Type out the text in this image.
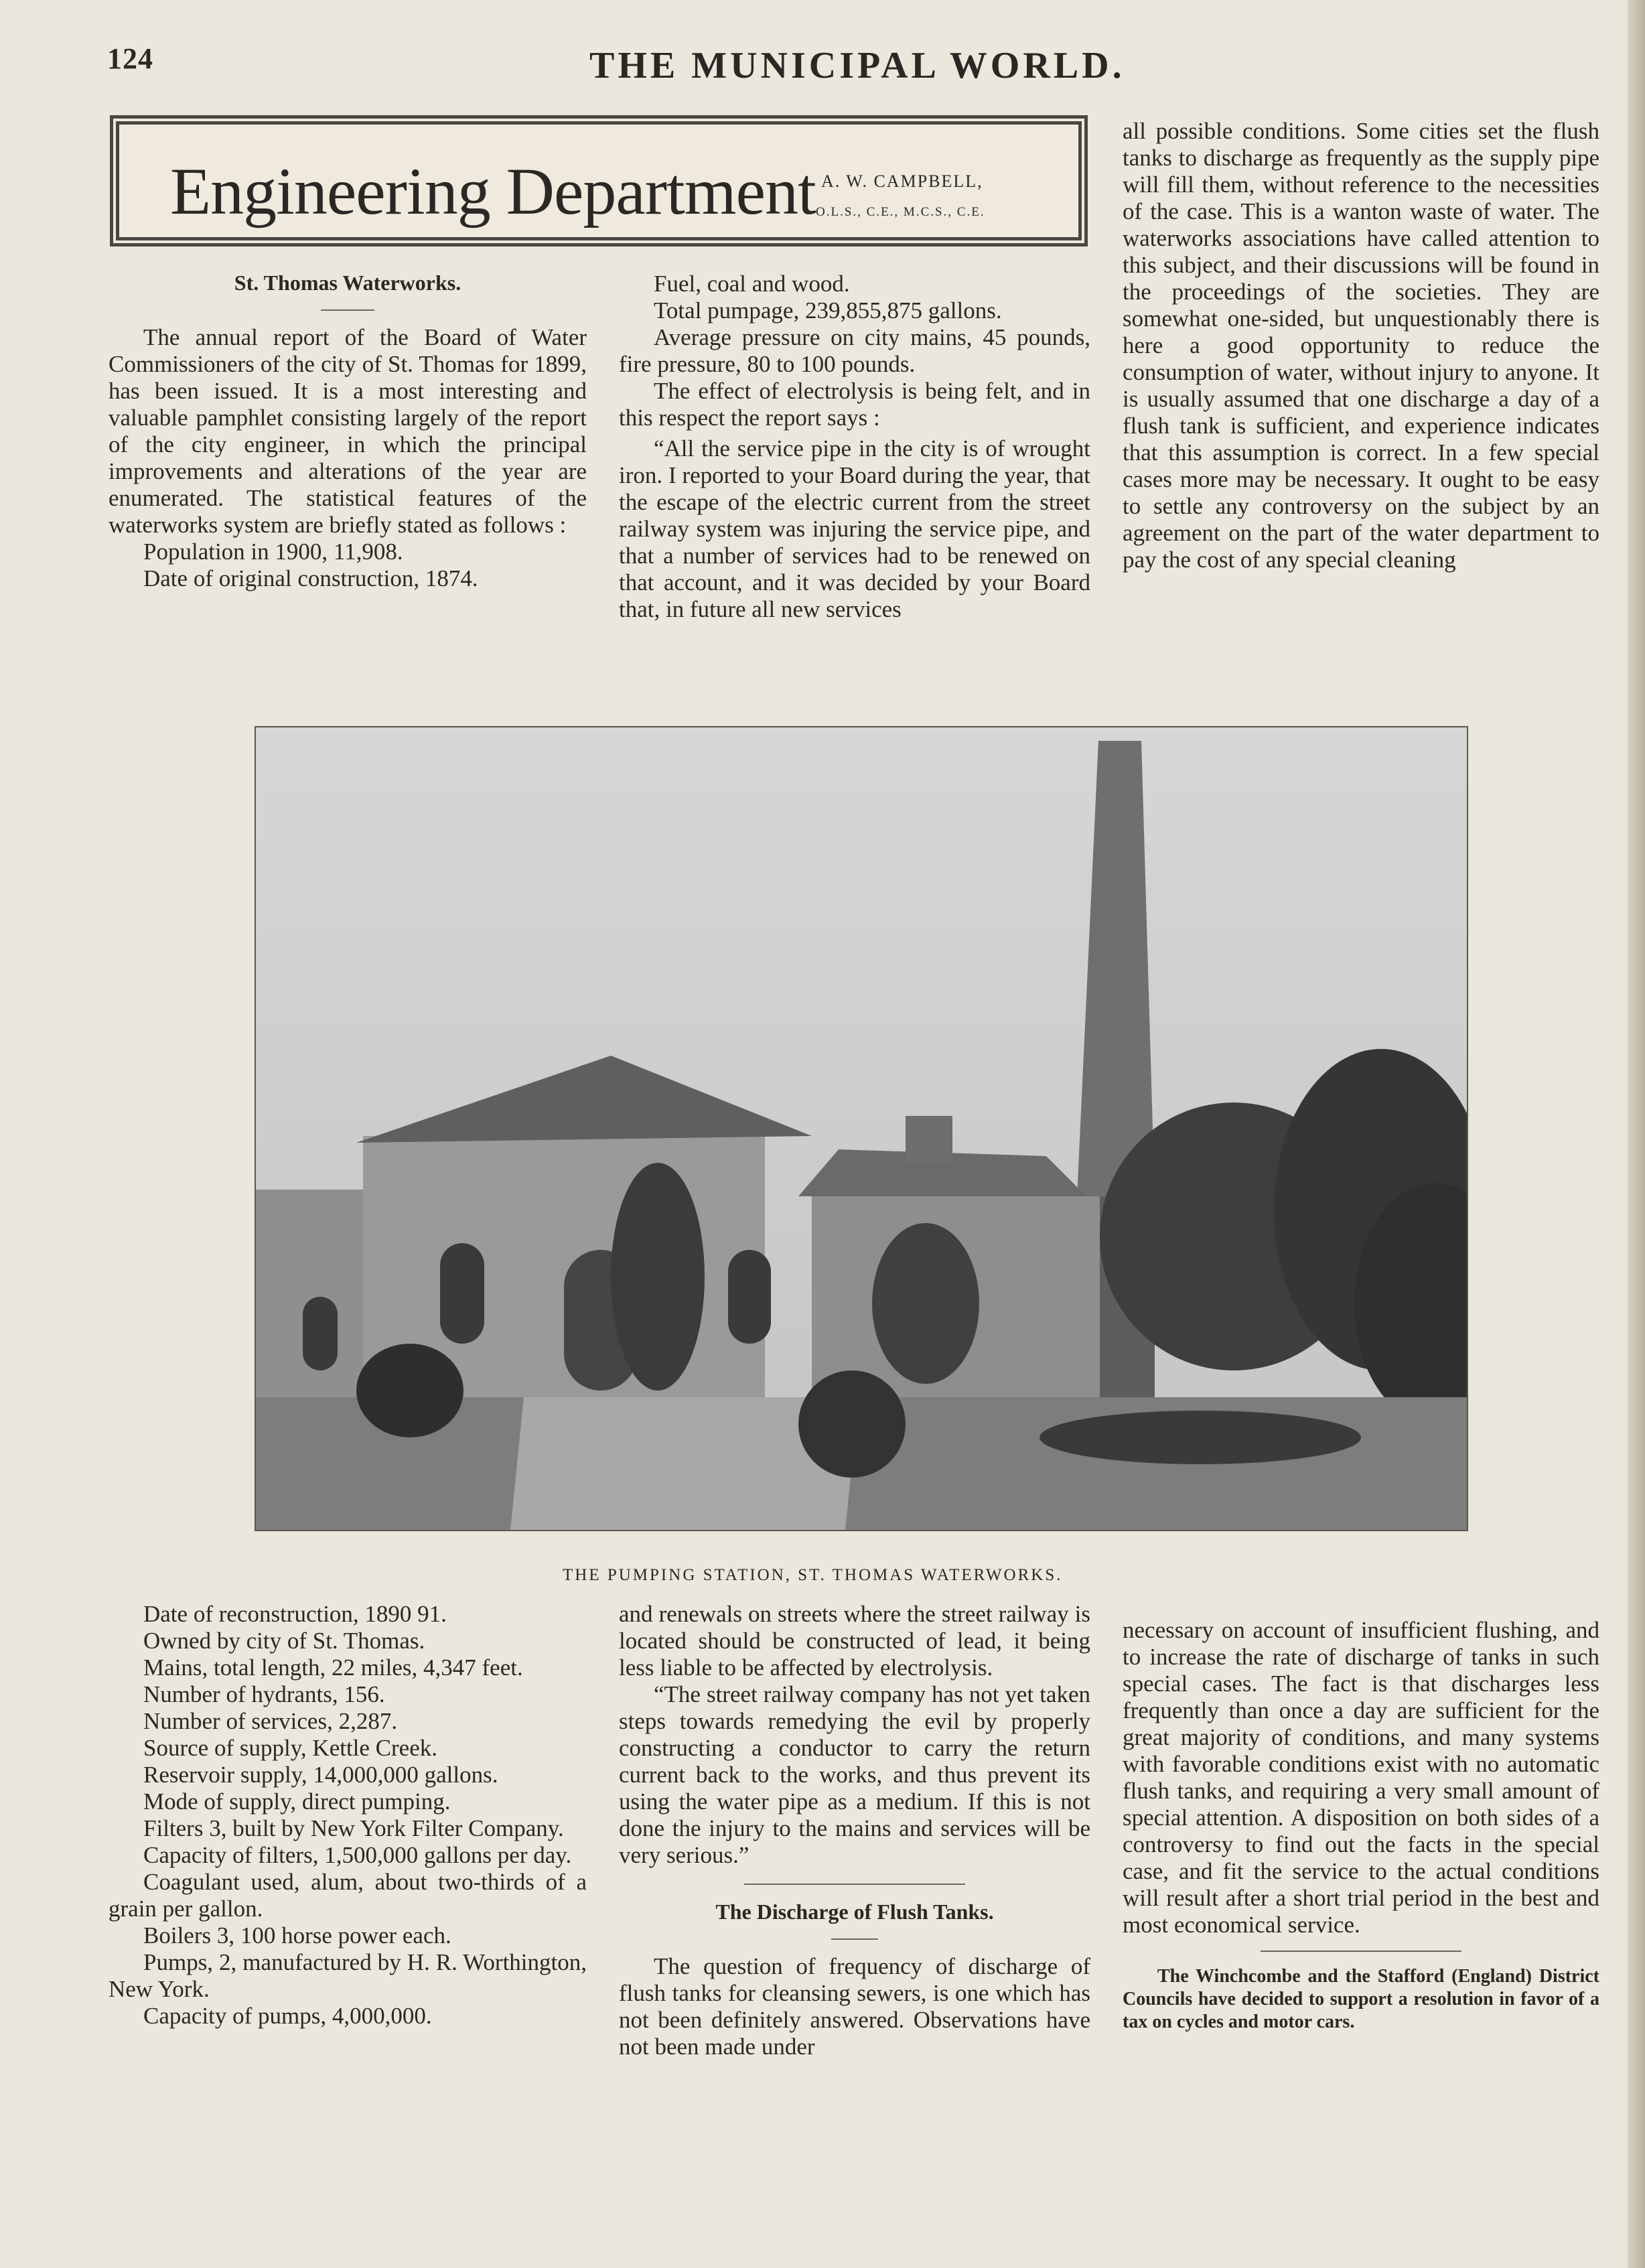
124	THE MUNICIPAL WORLD.
Engineering Department A. W. CAMPBELL,
O.L.S., C.E., M.C.S., C.E.

St. Thomas Waterworks.

The annual report of the Board of Water Commissioners of the city of St. Thomas for 1899, has been issued. It is a most interesting and valuable pamphlet consisting largely of the report of the city engineer, in which the principal improvements and alterations of the year are enumerated. The statistical features of the waterworks system are briefly stated as follows :

Population in 1900, 11,908.

Date of original construction, 1874.

Fuel, coal and wood.

Total pumpage, 239,855,875 gallons.

Average pressure on city mains, 45 pounds, fire pressure, 80 to 100 pounds.

The effect of electrolysis is being felt, and in this respect the report says :

“All the service pipe in the city is of wrought iron. I reported to your Board during the year, that the escape of the electric current from the street railway system was injuring the service pipe, and that a number of services had to be renewed on that account, and it was decided by your Board that, in future all new services

all possible conditions. Some cities set the flush tanks to discharge as frequently as the supply pipe will fill them, without reference to the necessities of the case. This is a wanton waste of water. The waterworks associations have called attention to this subject, and their discussions will be found in the proceedings of the societies. They are somewhat one-sided, but unquestionably there is here a good opportunity to reduce the consumption of water, without injury to anyone. It is usually assumed that one discharge a day of a flush tank is sufficient, and experience indicates that this assumption is correct. In a few special cases more may be necessary. It ought to be easy to settle any controversy on the subject by an agreement on the part of the water department to pay the cost of any special cleaning

THE PUMPING STATION, ST. THOMAS WATERWORKS.

Date of reconstruction, 1890 91.

Owned by city of St. Thomas.

Mains, total length, 22 miles, 4,347 feet.

Number of hydrants, 156.

Number of services, 2,287.

Source of supply, Kettle Creek.

Reservoir supply, 14,000,000 gallons.

Mode of supply, direct pumping.

Filters 3, built by New York Filter Company.

Capacity of filters, 1,500,000 gallons per day.

Coagulant used, alum, about two-thirds of a grain per gallon.

Boilers 3, 100 horse power each.

Pumps, 2, manufactured by H. R. Worthington, New York.

Capacity of pumps, 4,000,000.

and renewals on streets where the street railway is located should be constructed of lead, it being less liable to be affected by electrolysis.

“The street railway company has not yet taken steps towards remedying the evil by properly constructing a conductor to carry the return current back to the works, and thus prevent its using the water pipe as a medium. If this is not done the injury to the mains and services will be very serious.”

The Discharge of Flush Tanks.

The question of frequency of discharge of flush tanks for cleansing sewers, is one which has not been definitely answered. Observations have not been made under

necessary on account of insufficient flushing, and to increase the rate of discharge of tanks in such special cases. The fact is that discharges less frequently than once a day are sufficient for the great majority of conditions, and many systems with favorable conditions exist with no automatic flush tanks, and requiring a very small amount of special attention. A disposition on both sides of a controversy to find out the facts in the special case, and fit the service to the actual conditions will result after a short trial period in the best and most economical service.

The Winchcombe and the Stafford (England) District Councils have decided to support a resolution in favor of a tax on cycles and motor cars.
